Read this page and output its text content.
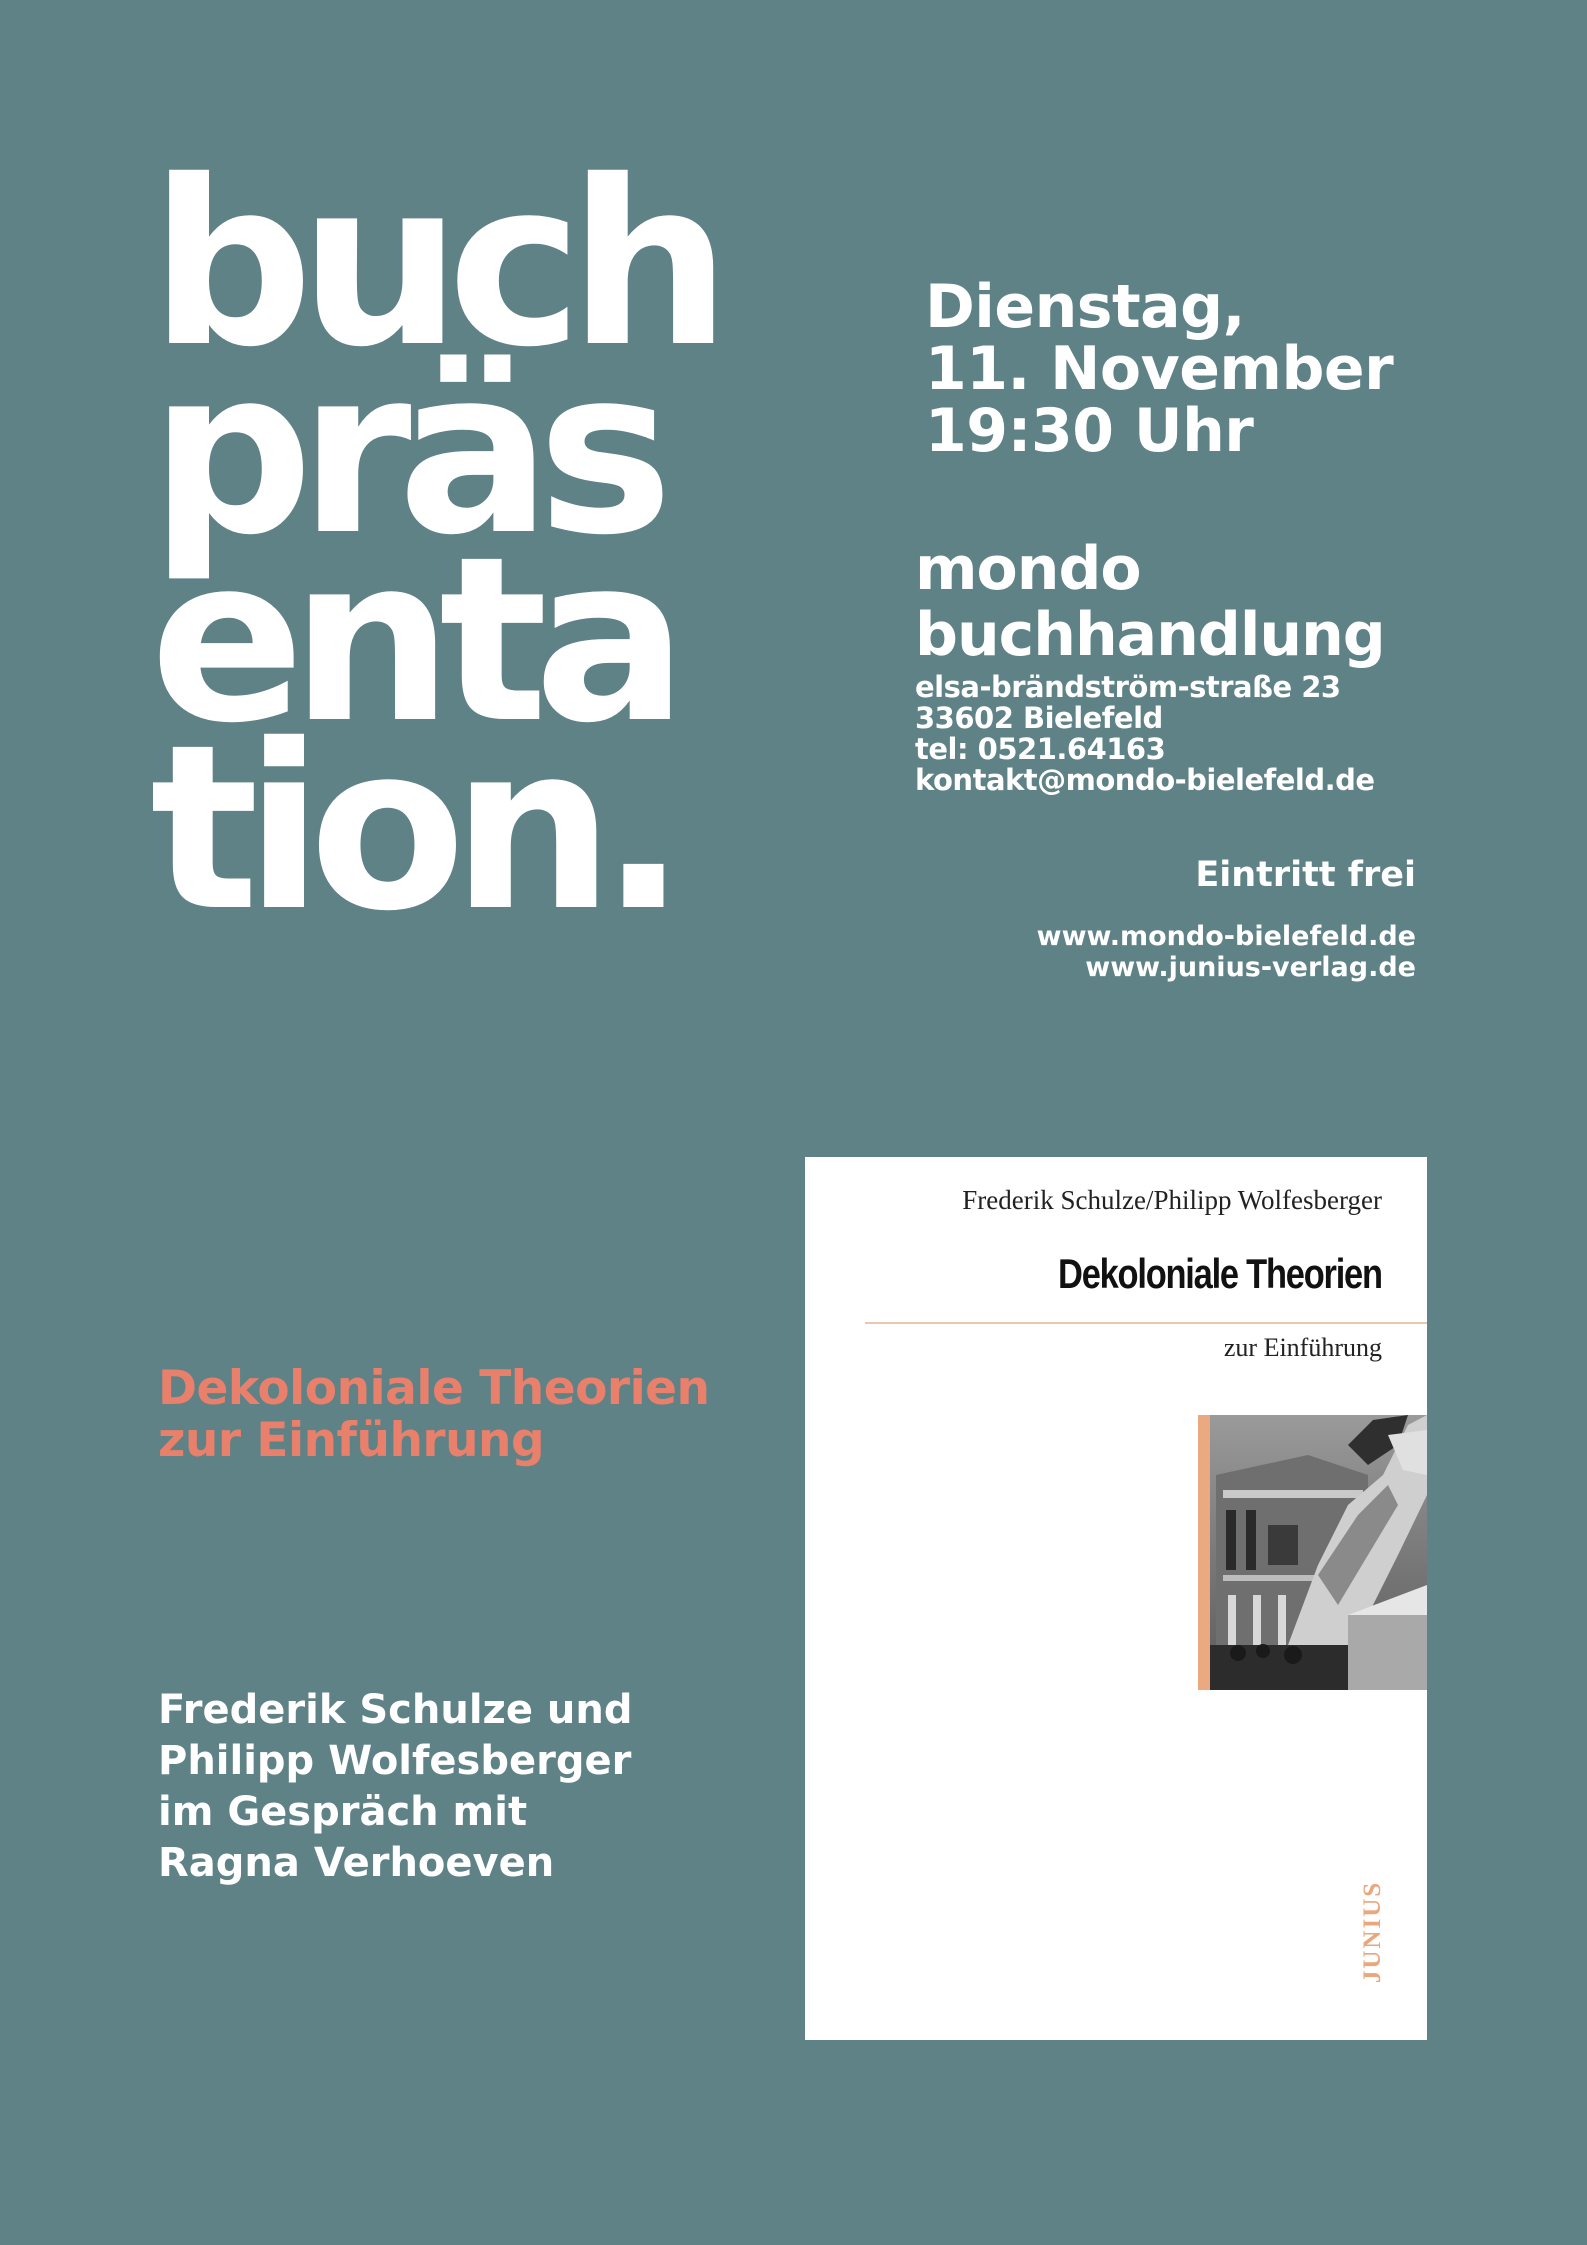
buch
präs
enta
tion.
Dekoloniale Theorien
zur Einführung
Frederik Schulze und
Philipp Wolfesberger
im Gespräch mit
Ragna Verhoeven
Dienstag,
11. November
19:30 Uhr
mondo
buchhandlung
elsa-brändström-straße 23
33602 Bielefeld
tel: 0521.64163
kontakt@mondo-bielefeld.de
Eintritt frei
www.mondo-bielefeld.de
www.junius-verlag.de
Frederik Schulze/Philipp Wolfesberger
Dekoloniale Theorien
zur Einführung
JUNIUS
